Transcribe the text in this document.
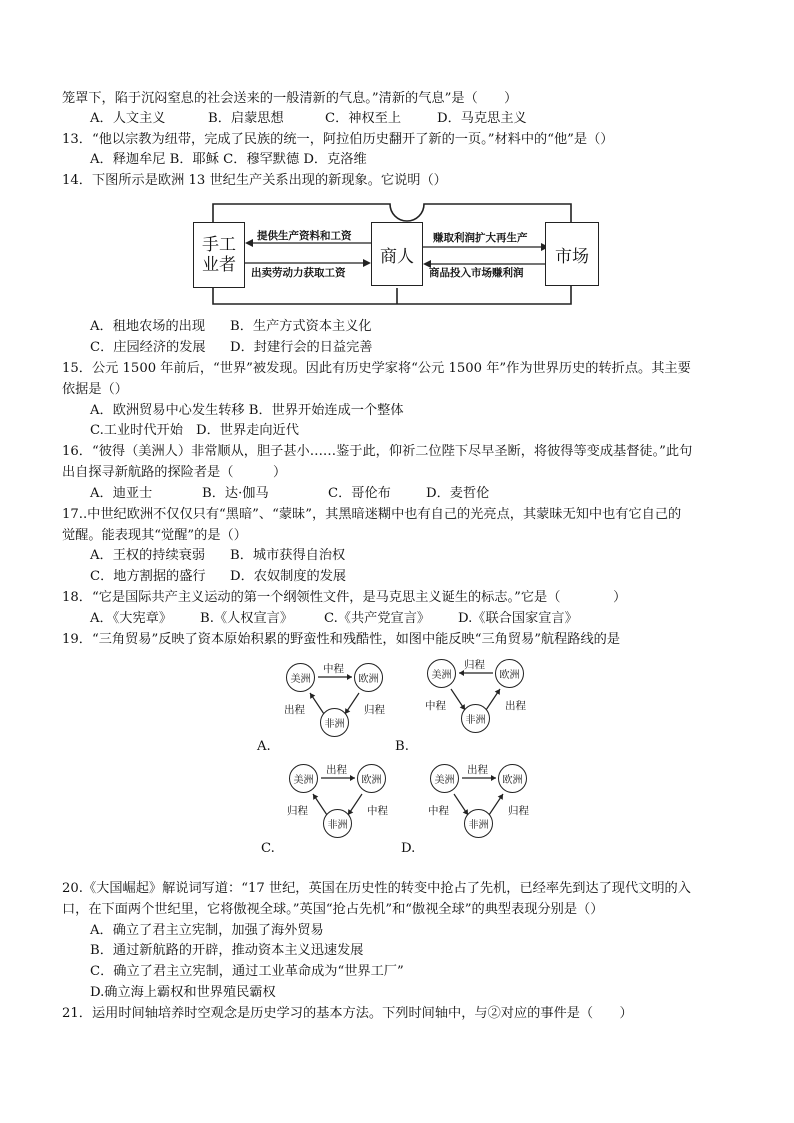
A．人文主义	B．启蒙思想	C．神权至上	D．马克思主义
笼罩下，陷于沉闷窒息的社会送来的一般清新的气息。”清新的气息”是（　　）
13．“他以宗教为纽带，完成了民族的统一，阿拉伯历史翻开了新的一页。”材料中的“他”是（）
A．释迦牟尼 B．耶稣 C．穆罕默德 D．克洛维
14．下图所示是欧洲 13 世纪生产关系出现的新现象。它说明（）
手工
业者	商人	市场
提供生产资料和工资
出卖劳动力获取工资
赚取利润扩大再生产
商品投入市场赚利润
A．租地农场的出现 B．生产方式资本主义化
C．庄园经济的发展 D．封建行会的日益完善
15．公元 1500 年前后，“世界”被发现。因此有历史学家将“公元 1500 年”作为世界历史的转折点。其主要
依据是（）
A．欧洲贸易中心发生转移 B．世界开始连成一个整体
C.工业时代开始 D．世界走向近代
16．“彼得（美洲人）非常顺从，胆子甚小……鉴于此，仰祈二位陛下尽早圣断，将彼得等变成基督徒。”此句
出自探寻新航路的探险者是（　　　）
A．迪亚士	B．达·伽马	C．哥伦布	D．麦哲伦
17..中世纪欧洲不仅仅只有“黑暗”、“蒙昧”，其黑暗迷糊中也有自己的光亮点，其蒙昧无知中也有它自己的
觉醒。能表现其“觉醒”的是（）
A．王权的持续衰弱 B．城市获得自治权
C．地方割据的盛行 D．农奴制度的发展
18．“它是国际共产主义运动的第一个纲领性文件，是马克思主义诞生的标志。”它是（　　　　）
A．《大宪章》 B.《人权宣言》 C.《共产党宣言》 D.《联合国家宣言》
19．“三角贸易”反映了资本原始积累的野蛮性和残酷性，如图中能反映“三角贸易”航程路线的是
美洲	欧洲
非洲
中程
出程	归程
美洲	欧洲
非洲
归程
中程	出程
美洲	欧洲
非洲
出程
归程	中程
美洲	欧洲
非洲
出程
中程	归程
A.	B.
C.	D.
20.《大国崛起》解说词写道：“17 世纪，英国在历史性的转变中抢占了先机，已经率先到达了现代文明的入
口，在下面两个世纪里，它将傲视全球。”英国“抢占先机”和“傲视全球”的典型表现分别是（）
A．确立了君主立宪制，加强了海外贸易
B．通过新航路的开辟，推动资本主义迅速发展
C．确立了君主立宪制，通过工业革命成为“世界工厂”
D.确立海上霸权和世界殖民霸权
21．运用时间轴培养时空观念是历史学习的基本方法。下列时间轴中，与②对应的事件是（　　）
